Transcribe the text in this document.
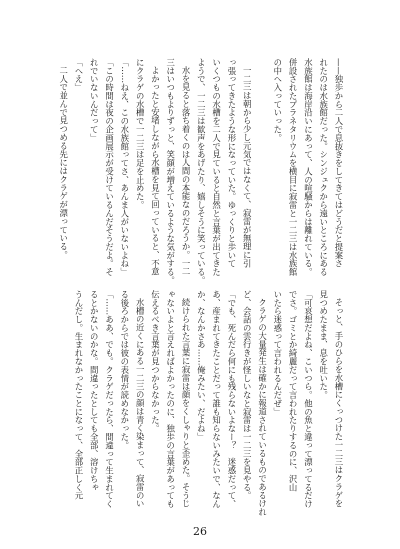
——独歩から二人で息抜きをしてきてはどうだと提案さ
れたのは水族館だった。シンジュクから遠いところにある
水族館は海岸沿いにあって、人の喧騒からは離れている。
併設されたプラネタリウムを横目に寂雷と一二三は水族館
の中へ入っていった。
一二三は朝から少し元気ではなくて、寂雷が無理に引
っ張ってきたような形になっていた。ゆっくりと歩いて
いくつもの水槽を二人で見ていると自然と言葉が出てきた
ようで、一二三は歓声をあげたり、嬉しそうに笑っている。
水を見ると落ち着くのは人間の本能なのだろうか。一二
三はいつもよりずっと、笑顔が増えているような気がする。
よかったと安堵しながら水槽を見て回っていると、不意
にクラゲの水槽で一二三は足を止めた。
「……ねえ、この水族館ってさ、あんま人がいないよね」
「この時間は夜の企画展示が受けているんだそうだよ。そ
れでいないんだって」
「へえ」
二人で並んで見つめる先にはクラゲが漂っている。
そっと、手のひらを水槽にくっつけた一二三はクラゲを
見つめたまま、息を吐いた。
「可哀想だよね、こいつら。他の魚と違って漂ってるだけ
でさ。ゴミとか綺麗だって言われたりするのに、沢山
いたら迷惑って言われるんだぜ」
クラゲの大量発生は確かに報道されているものであるけれ
ど、会話の雲行きが怪しいなと寂雷は一二三を見やる。
「でも、死んだら何にも残らないよなー？　迷惑だって、
あ、産まれてきたことだって誰も知らないみたいで、なん
か、なんかさあ……俺みたい、だよね」
続けられた言葉に寂雷は顔をくしゃりと歪めた。そうじ
ゃないよと言えればよかったのに、独歩の言葉があっても
伝えるべき言葉が見つからなかった。
水槽の近くにある一二三の顔は青く染まって、寂雷のい
る後ろからでは彼の表情が読めなかった。
「……ああ、でも。クラゲだったら、間違って生まれてく
るとかないのかな。間違ったとしても全部、溶けちゃ
うんだし。生まれなかったことになって、全部正しく元
26
